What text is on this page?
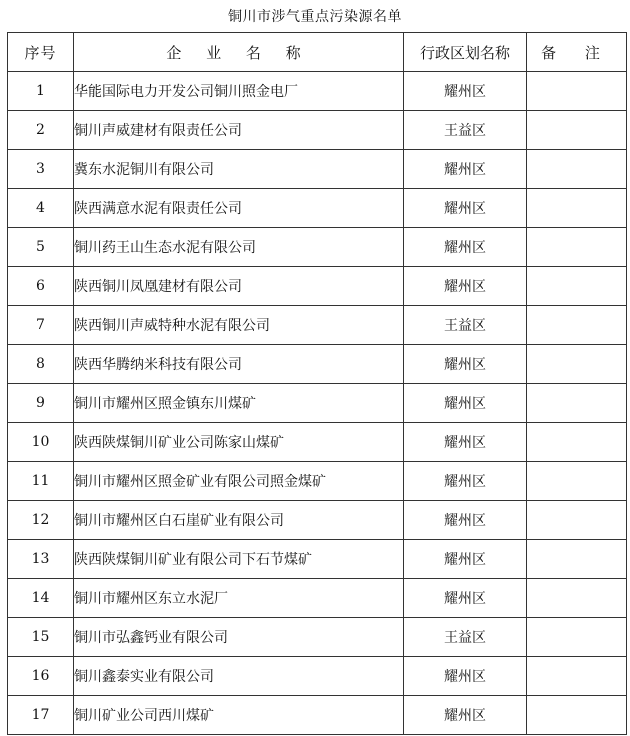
铜川市涉气重点污染源名单
序号	企 业 名 称	行政区划名称	备 注
1	华能国际电力开发公司铜川照金电厂	耀州区	
2	铜川声威建材有限责任公司	王益区	
3	冀东水泥铜川有限公司	耀州区	
4	陕西满意水泥有限责任公司	耀州区	
5	铜川药王山生态水泥有限公司	耀州区	
6	陕西铜川凤凰建材有限公司	耀州区	
7	陕西铜川声威特种水泥有限公司	王益区	
8	陕西华腾纳米科技有限公司	耀州区	
9	铜川市耀州区照金镇东川煤矿	耀州区	
10	陕西陕煤铜川矿业公司陈家山煤矿	耀州区	
11	铜川市耀州区照金矿业有限公司照金煤矿	耀州区	
12	铜川市耀州区白石崖矿业有限公司	耀州区	
13	陕西陕煤铜川矿业有限公司下石节煤矿	耀州区	
14	铜川市耀州区东立水泥厂	耀州区	
15	铜川市弘鑫钙业有限公司	王益区	
16	铜川鑫泰实业有限公司	耀州区	
17	铜川矿业公司西川煤矿	耀州区	
